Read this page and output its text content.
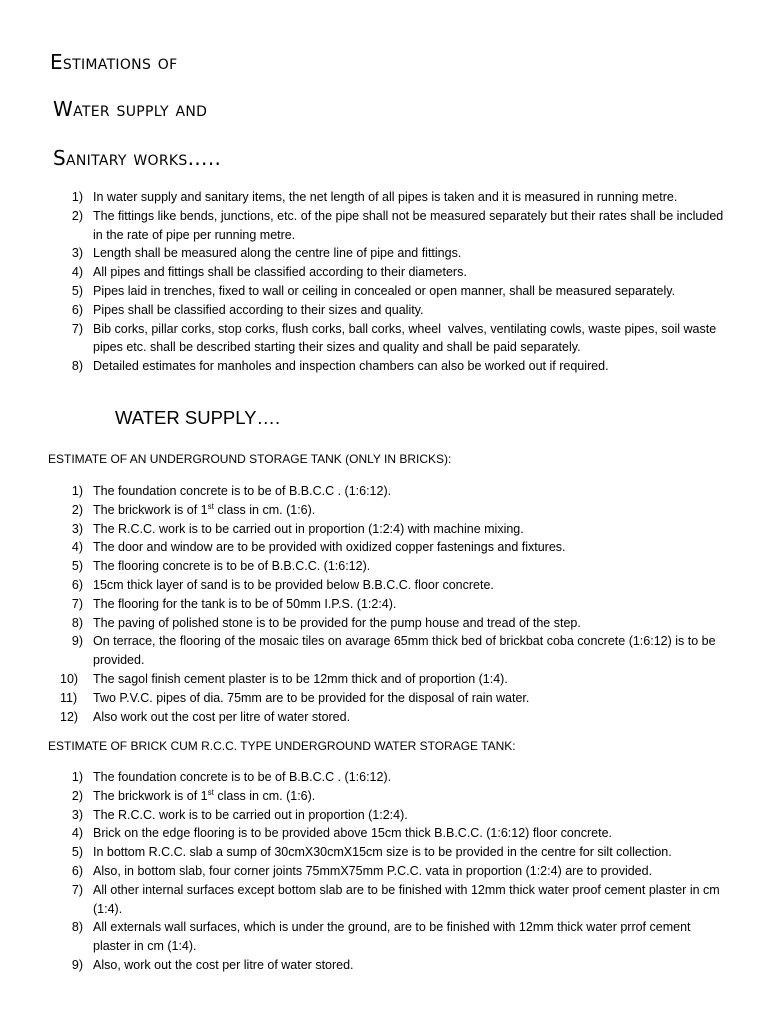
Estimations of
Water supply and
Sanitary works…..
1 )	In water supply and sanitary items, the net length of all pipes is taken and it is measured in running metre.
2 )	The fittings like bends, junctions, etc. of the pipe shall not be measured separately but their rates shall be included in the rate of pipe per running metre.
3 )	Length shall be measured along the centre line of pipe and fittings.
4 )	All pipes and fittings shall be classified according to their diameters.
5 )	Pipes laid in trenches, fixed to wall or ceiling in concealed or open manner, shall be measured separately.
6 )	Pipes shall be classified according to their sizes and quality.
7 )	Bib corks, pillar corks, stop corks, flush corks, ball corks, wheel  valves, ventilating cowls, waste pipes, soil waste pipes etc. shall be described starting their sizes and quality and shall be paid separately.
8 )	Detailed estimates for manholes and inspection chambers can also be worked out if required.
WATER SUPPLY….
ESTIMATE OF AN UNDERGROUND STORAGE TANK (ONLY IN BRICKS):
1 )	The foundation concrete is to be of B.B.C.C . (1:6:12).
2 )	The brickwork is of 1st class in cm. (1:6).
3 )	The R.C.C. work is to be carried out in proportion (1:2:4) with machine mixing.
4 )	The door and window are to be provided with oxidized copper fastenings and fixtures.
5 )	The flooring concrete is to be of B.B.C.C. (1:6:12).
6 )	15cm thick layer of sand is to be provided below B.B.C.C. floor concrete.
7 )	The flooring for the tank is to be of 50mm I.P.S. (1:2:4).
8 )	The paving of polished stone is to be provided for the pump house and tread of the step.
9 )	On terrace, the flooring of the mosaic tiles on avarage 65mm thick bed of brickbat coba concrete (1:6:12) is to be provided.
10 )	The sagol finish cement plaster is to be 12mm thick and of proportion (1:4).
11 )	Two P.V.C. pipes of dia. 75mm are to be provided for the disposal of rain water.
12 )	Also work out the cost per litre of water stored.
ESTIMATE OF BRICK CUM R.C.C. TYPE UNDERGROUND WATER STORAGE TANK:
1 )	The foundation concrete is to be of B.B.C.C . (1:6:12).
2 )	The brickwork is of 1st class in cm. (1:6).
3 )	The R.C.C. work is to be carried out in proportion (1:2:4).
4 )	Brick on the edge flooring is to be provided above 15cm thick B.B.C.C. (1:6:12) floor concrete.
5 )	In bottom R.C.C. slab a sump of 30cmX30cmX15cm size is to be provided in the centre for silt collection.
6 )	Also, in bottom slab, four corner joints 75mmX75mm P.C.C. vata in proportion (1:2:4) are to provided.
7 )	All other internal surfaces except bottom slab are to be finished with 12mm thick water proof cement plaster in cm (1:4).
8 )	All externals wall surfaces, which is under the ground, are to be finished with 12mm thick water prrof cement plaster in cm (1:4).
9 )	Also, work out the cost per litre of water stored.
